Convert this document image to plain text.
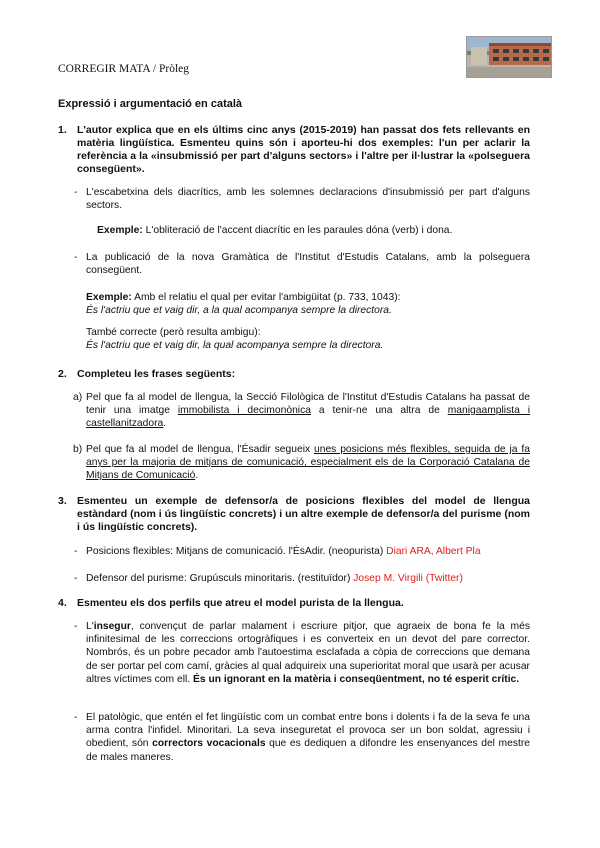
CORREGIR MATA / Pròleg
Expressió i argumentació en català
1. L'autor explica que en els últims cinc anys (2015-2019) han passat dos fets rellevants en matèria lingüística. Esmenteu quins són i aporteu-hi dos exemples: l'un per aclarir la referència a la «insubmissió per part d'alguns sectors» i l'altre per il·lustrar la «polseguera consegüent».
- L'escabetxina dels diacrítics, amb les solemnes declaracions d'insubmissió per part d'alguns sectors.
Exemple: L'obliteració de l'accent diacrític en les paraules dóna (verb) i dona.
- La publicació de la nova Gramàtica de l'Institut d'Estudis Catalans, amb la polseguera consegüent.
Exemple: Amb el relatiu el qual per evitar l'ambigüitat (p. 733, 1043):
És l'actriu que et vaig dir, a la qual acompanya sempre la directora.
També correcte (però resulta ambigu):
És l'actriu que et vaig dir, la qual acompanya sempre la directora.
2. Completeu les frases següents:
a) Pel que fa al model de llengua, la Secció Filològica de l'Institut d'Estudis Catalans ha passat de tenir una imatge immobilista i decimonònica a tenir-ne una altra de manigaamplista i castellanitzadora.
b) Pel que fa al model de llengua, l'Ésadir segueix unes posicions més flexibles, seguida de ja fa anys per la majoria de mitjans de comunicació, especialment els de la Corporació Catalana de Mitjans de Comunicació.
3. Esmenteu un exemple de defensor/a de posicions flexibles del model de llengua estàndard (nom i ús lingüístic concrets) i un altre exemple de defensor/a del purisme (nom i ús lingüístic concrets).
- Posicions flexibles: Mitjans de comunicació. l'ÉsAdir. (neopurista) Diari ARA, Albert Pla
- Defensor del purisme: Grupúsculs minoritaris. (restituïdor) Josep M. Virgili (Twitter)
4. Esmenteu els dos perfils que atreu el model purista de la llengua.
- L'insegur, convençut de parlar malament i escriure pitjor, que agraeix de bona fe la més infinitesimal de les correccions ortogràfiques i es converteix en un devot del pare corrector. Nombrós, és un pobre pecador amb l'autoestima esclafada a còpia de correccions que demana de ser portar pel com camí, gràcies al qual adquireix una superioritat moral que usarà per acusar altres víctimes com ell. És un ignorant en la matèria i conseqüentment, no té esperit crític.
- El patològic, que entén el fet lingüístic com un combat entre bons i dolents i fa de la seva fe una arma contra l'infidel. Minoritari. La seva inseguretat el provoca ser un bon soldat, agressiu i obedient, són correctors vocacionals que es dediquen a difondre les ensenyances del mestre de males maneres.
